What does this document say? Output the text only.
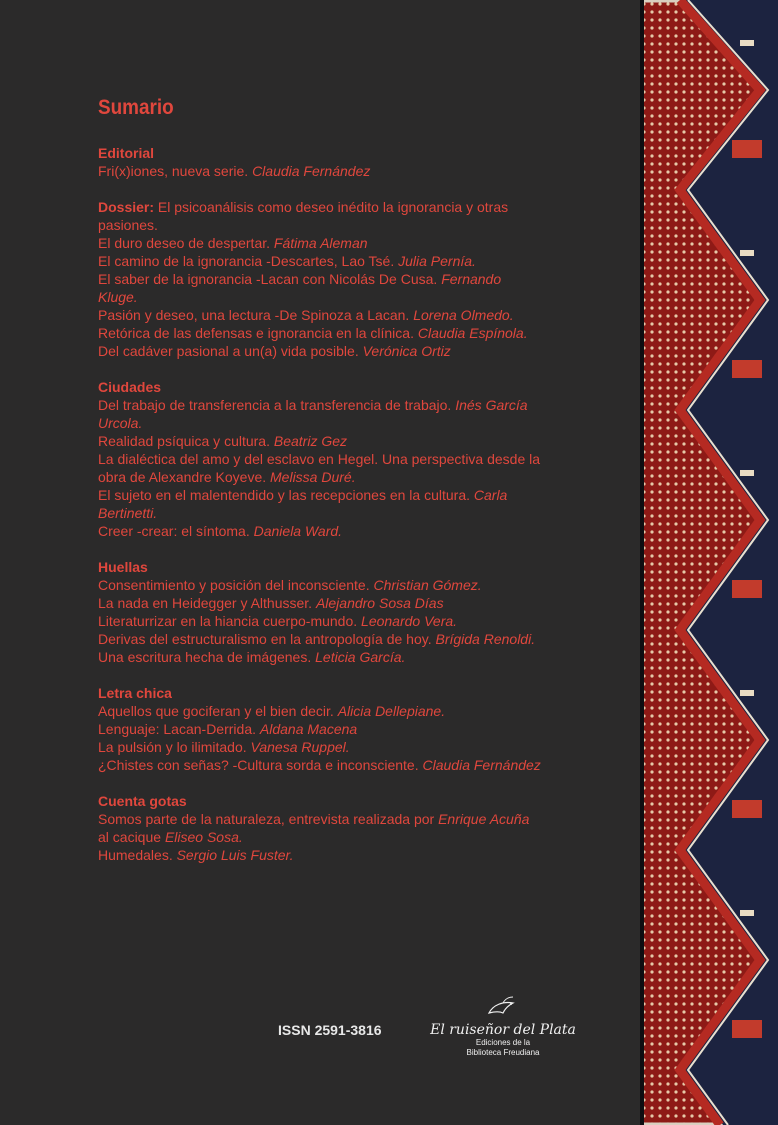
Sumario
Editorial
Fri(x)iones, nueva serie. Claudia Fernández
Dossier: El psicoanálisis como deseo inédito la ignorancia y otras pasiones.
El duro deseo de despertar. Fátima Aleman
El camino de la ignorancia -Descartes, Lao Tsé. Julia Pernía.
El saber de la ignorancia -Lacan con Nicolás De Cusa. Fernando Kluge.
Pasión y deseo, una lectura -De Spinoza a Lacan. Lorena Olmedo.
Retórica de las defensas e ignorancia en la clínica. Claudia Espínola.
Del cadáver pasional a un(a) vida posible. Verónica Ortiz
Ciudades
Del trabajo de transferencia a la transferencia de trabajo. Inés García Urcola.
Realidad psíquica y cultura. Beatriz Gez
La dialéctica del amo y del esclavo en Hegel. Una perspectiva desde la obra de Alexandre Koyeve. Melissa Duré.
El sujeto en el malentendido y las recepciones en la cultura. Carla Bertinetti.
Creer -crear: el síntoma. Daniela Ward.
Huellas
Consentimiento y posición del inconsciente. Christian Gómez.
La nada en Heidegger y Althusser. Alejandro Sosa Días
Literaturrizar en la hiancia cuerpo-mundo. Leonardo Vera.
Derivas del estructuralismo en la antropología de hoy. Brígida Renoldi.
Una escritura hecha de imágenes. Leticia García.
Letra chica
Aquellos que gociferan y el bien decir. Alicia Dellepiane.
Lenguaje: Lacan-Derrida. Aldana Macena
La pulsión y lo ilimitado. Vanesa Ruppel.
¿Chistes con señas? -Cultura sorda e inconsciente. Claudia Fernández
Cuenta gotas
Somos parte de la naturaleza, entrevista realizada por Enrique Acuña al cacique Eliseo Sosa.
Humedales. Sergio Luis Fuster.
ISSN 2591-3816	El ruiseñor del Plata
Ediciones de la
Biblioteca Freudiana
